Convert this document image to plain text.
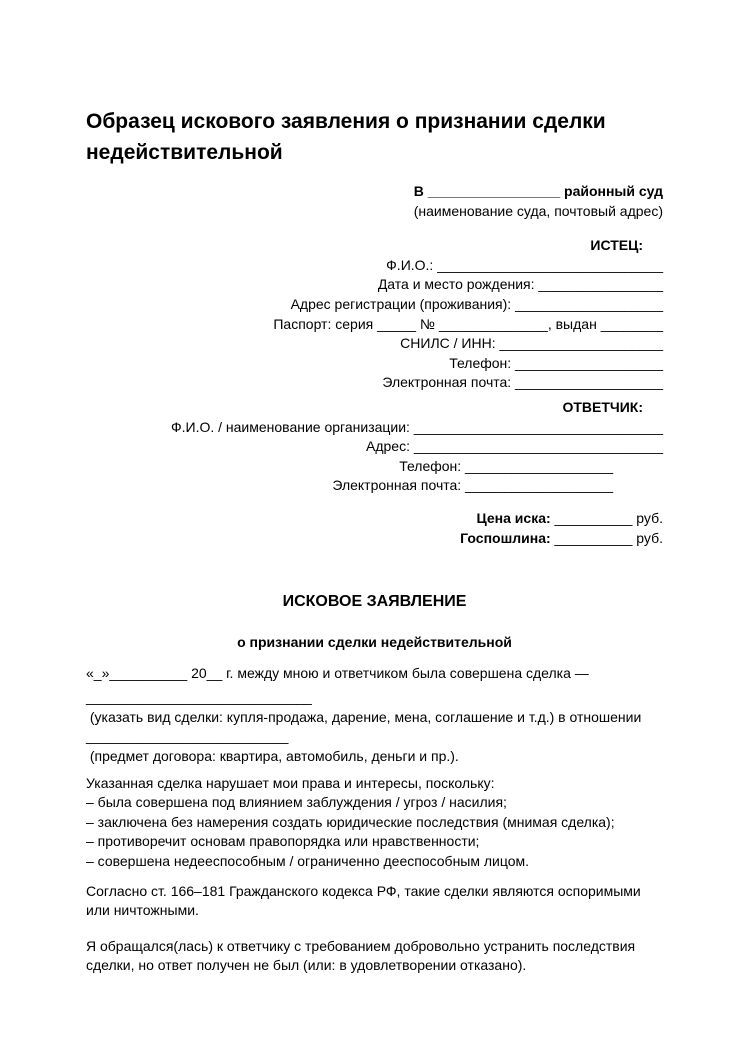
Образец искового заявления о признании сделки недействительной
В _________________ районный суд
(наименование суда, почтовый адрес)
ИСТЕЦ:
Ф.И.О.: _____________________________
Дата и место рождения: ________________
Адрес регистрации (проживания): ___________________
Паспорт: серия _____ № ______________, выдан ________
СНИЛС / ИНН: _____________________
Телефон: ___________________
Электронная почта: ___________________
ОТВЕТЧИК:
Ф.И.О. / наименование организации: ________________________________
Адрес: ________________________________
Телефон: ___________________
Электронная почта: ___________________
Цена иска: __________ руб.
Госпошлина: __________ руб.
ИСКОВОЕ ЗАЯВЛЕНИЕ
о признании сделки недействительной

«_»__________ 20__ г. между мною и ответчиком была совершена сделка —

_____________________________
(указать вид сделки: купля-продажа, дарение, мена, соглашение и т.д.) в отношении
__________________________
(предмет договора: квартира, автомобиль, деньги и пр.).
Указанная сделка нарушает мои права и интересы, поскольку:
– была совершена под влиянием заблуждения / угроз / насилия;
– заключена без намерения создать юридические последствия (мнимая сделка);
– противоречит основам правопорядка или нравственности;
– совершена недееспособным / ограниченно дееспособным лицом.

Согласно ст. 166–181 Гражданского кодекса РФ, такие сделки являются оспоримыми или ничтожными.

Я обращался(лась) к ответчику с требованием добровольно устранить последствия сделки, но ответ получен не был (или: в удовлетворении отказано).
